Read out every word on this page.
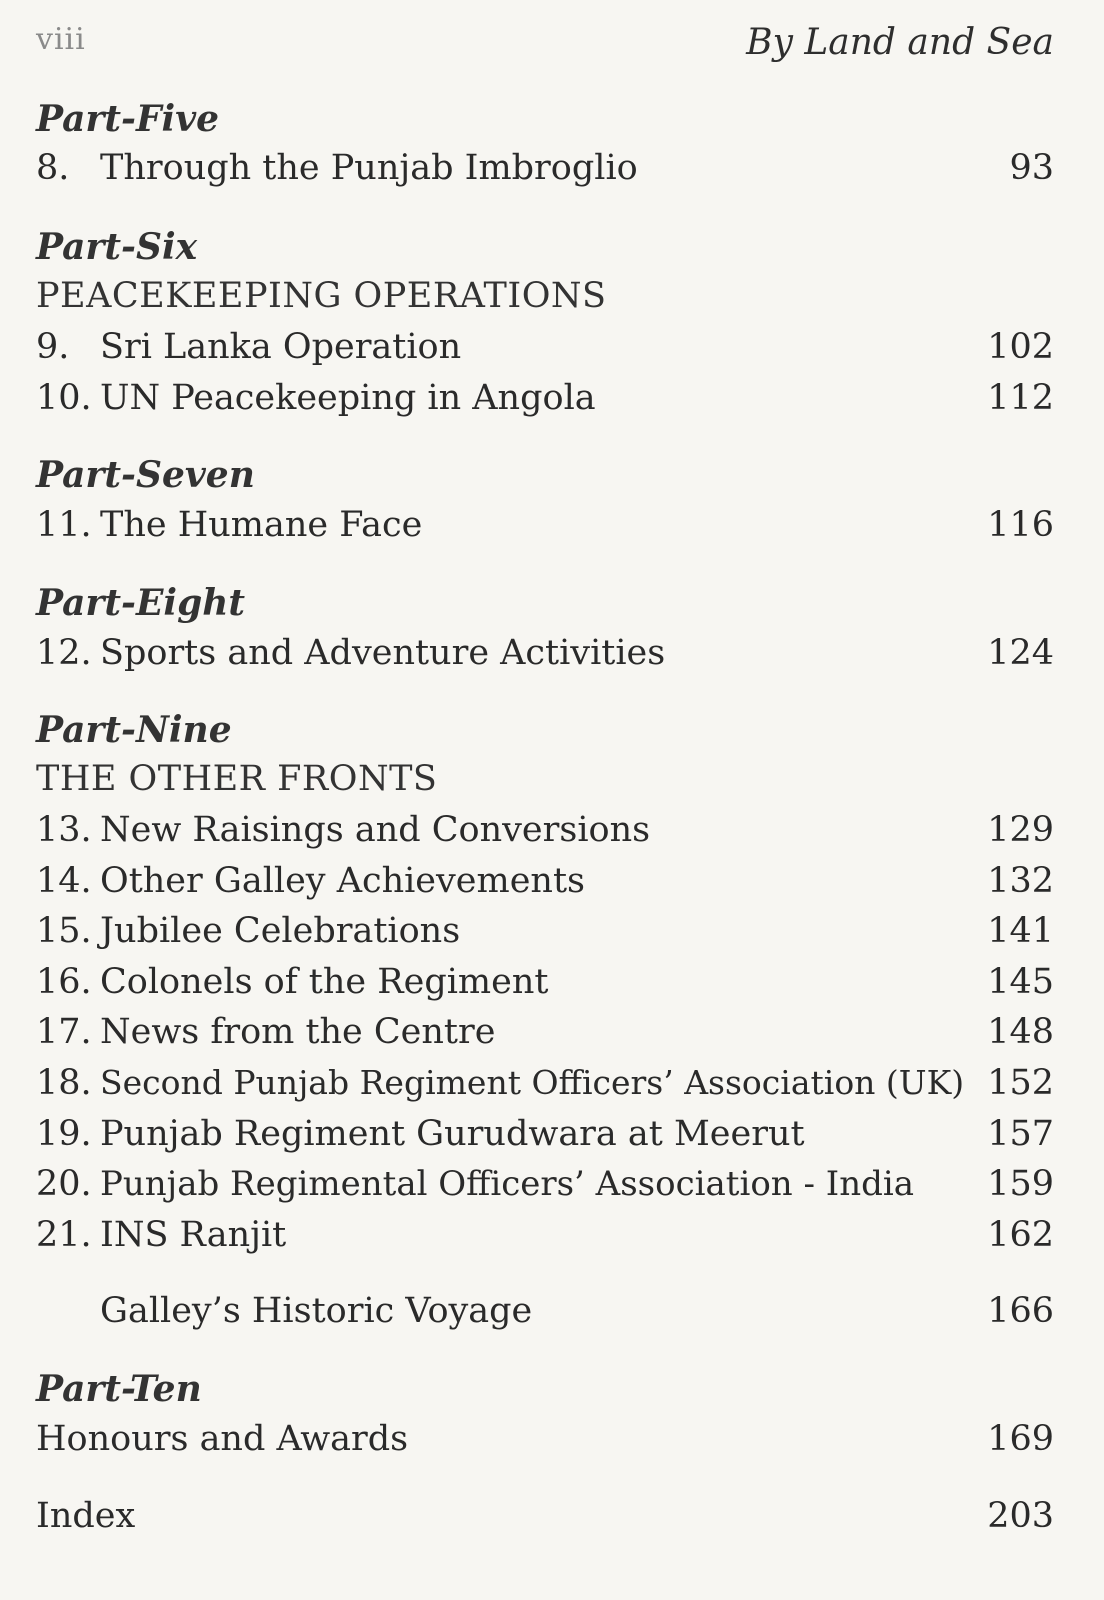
viii	By Land and Sea
Part-Five
8. Through the Punjab Imbroglio	93
Part-Six
PEACEKEEPING OPERATIONS
9. Sri Lanka Operation	102
10. UN Peacekeeping in Angola	112
Part-Seven
11. The Humane Face	116
Part-Eight
12. Sports and Adventure Activities	124
Part-Nine
THE OTHER FRONTS
13. New Raisings and Conversions	129
14. Other Galley Achievements	132
15. Jubilee Celebrations	141
16. Colonels of the Regiment	145
17. News from the Centre	148
18. Second Punjab Regiment Officers’ Association (UK) 152
19. Punjab Regiment Gurudwara at Meerut	157
20. Punjab Regimental Officers’ Association - India 159
21. INS Ranjit	162
Galley’s Historic Voyage	166
Part-Ten
Honours and Awards	169
Index	203
